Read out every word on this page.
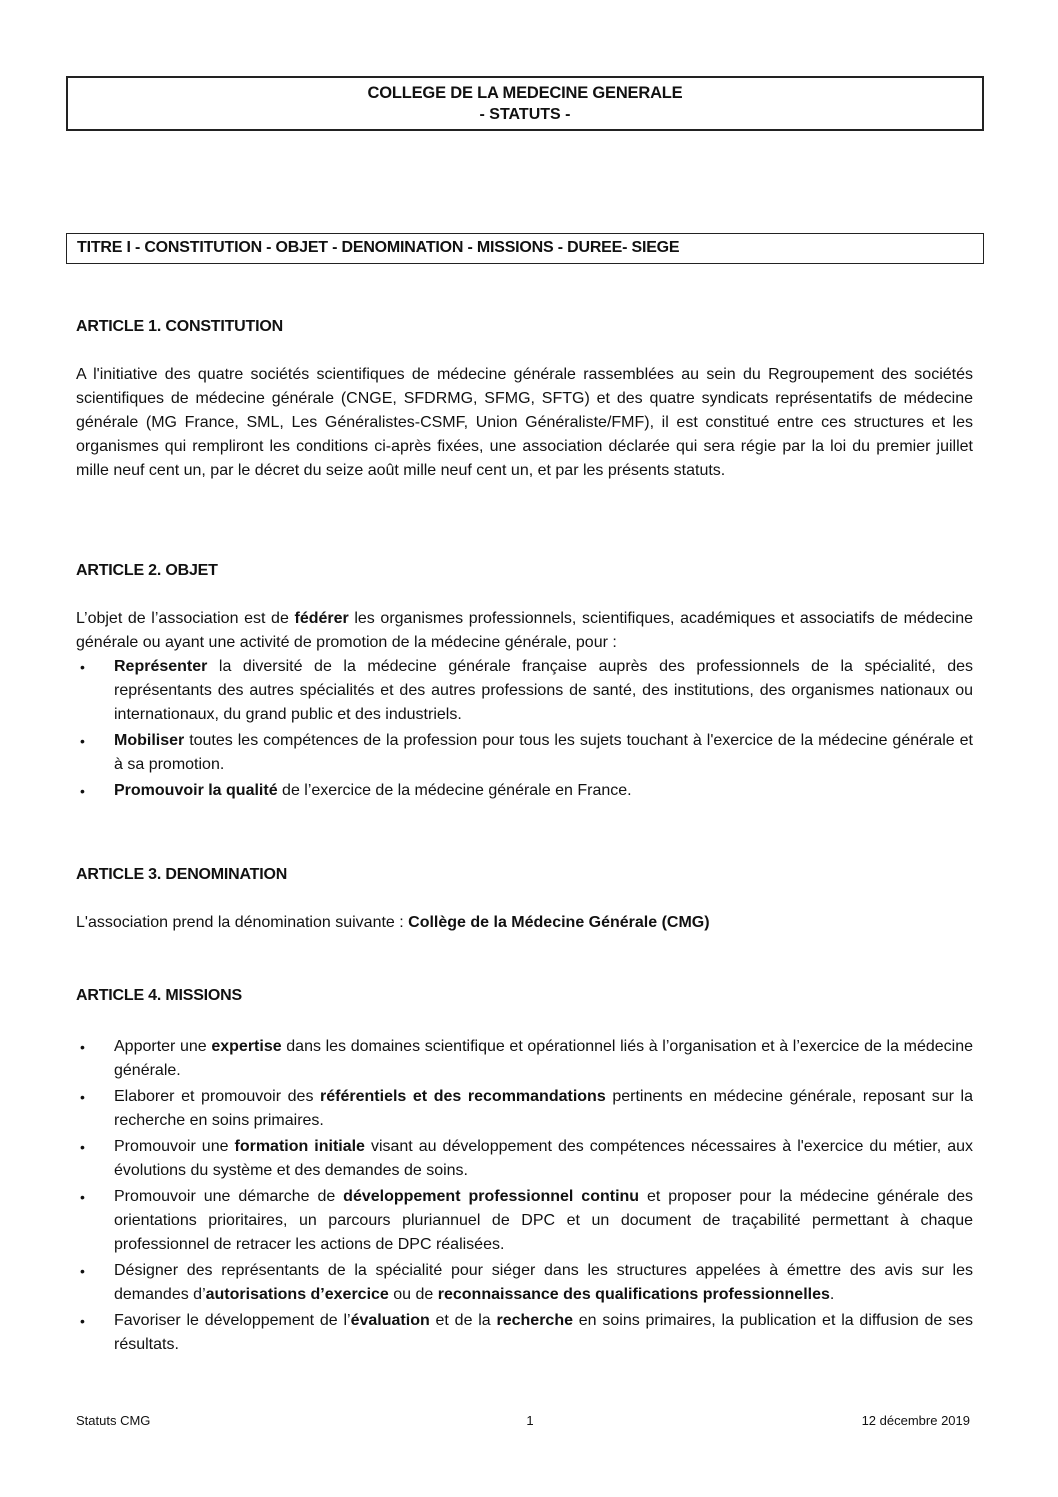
COLLEGE DE LA MEDECINE GENERALE
- STATUTS -
TITRE I - CONSTITUTION - OBJET - DENOMINATION - MISSIONS - DUREE- SIEGE
ARTICLE 1. CONSTITUTION

A l'initiative des quatre sociétés scientifiques de médecine générale rassemblées au sein du Regroupement des sociétés scientifiques de médecine générale (CNGE, SFDRMG, SFMG, SFTG) et des quatre syndicats représentatifs de médecine générale (MG France, SML, Les Généralistes-CSMF, Union Généraliste/FMF), il est constitué entre ces structures et les organismes qui rempliront les conditions ci-après fixées, une association déclarée qui sera régie par la loi du premier juillet mille neuf cent un, par le décret du seize août mille neuf cent un, et par les présents statuts.

ARTICLE 2. OBJET

L’objet de l’association est de fédérer les organismes professionnels, scientifiques, académiques et associatifs de médecine générale ou ayant une activité de promotion de la médecine générale, pour :

• Représenter la diversité de la médecine générale française auprès des professionnels de la spécialité, des représentants des autres spécialités et des autres professions de santé, des institutions, des organismes nationaux ou internationaux, du grand public et des industriels.
• Mobiliser toutes les compétences de la profession pour tous les sujets touchant à l'exercice de la médecine générale et à sa promotion.
• Promouvoir la qualité de l’exercice de la médecine générale en France.
ARTICLE 3. DENOMINATION

L'association prend la dénomination suivante : Collège de la Médecine Générale (CMG)

ARTICLE 4. MISSIONS
• Apporter une expertise dans les domaines scientifique et opérationnel liés à l’organisation et à l’exercice de la médecine générale.
• Elaborer et promouvoir des référentiels et des recommandations pertinents en médecine générale, reposant sur la recherche en soins primaires.
• Promouvoir une formation initiale visant au développement des compétences nécessaires à l'exercice du métier, aux évolutions du système et des demandes de soins.
• Promouvoir une démarche de développement professionnel continu et proposer pour la médecine générale des orientations prioritaires, un parcours pluriannuel de DPC et un document de traçabilité permettant à chaque professionnel de retracer les actions de DPC réalisées.
• Désigner des représentants de la spécialité pour siéger dans les structures appelées à émettre des avis sur les demandes d’autorisations d’exercice ou de reconnaissance des qualifications professionnelles.
• Favoriser le développement de l’évaluation et de la recherche en soins primaires, la publication et la diffusion de ses résultats.
Statuts CMG	1	12 décembre 2019
